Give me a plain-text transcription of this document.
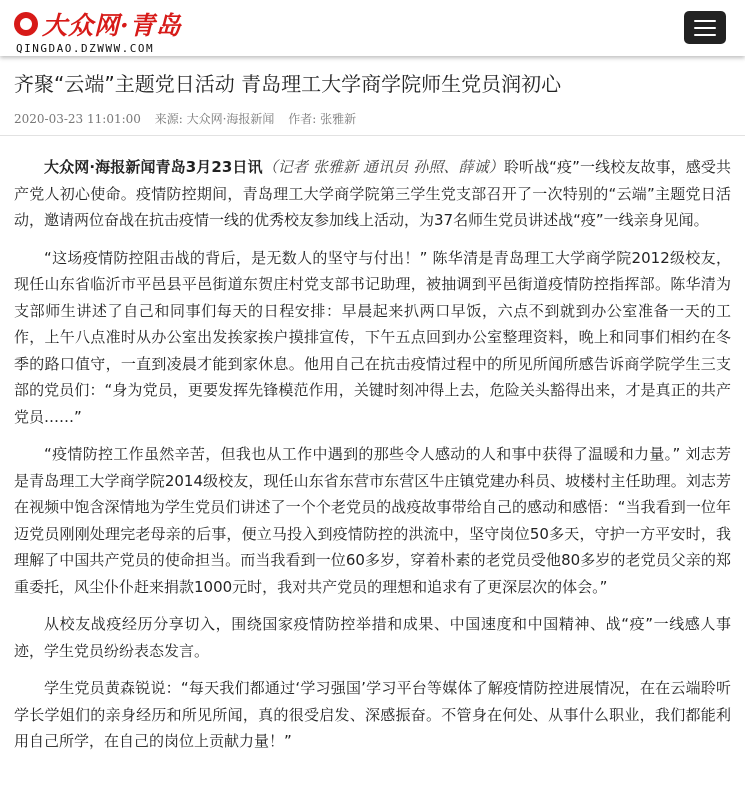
大众网·青岛
QINGDAO.DZWWW.COM
齐聚“云端”主题党日活动 青岛理工大学商学院师生党员润初心
2020-03-23 11:01:00 来源: 大众网·海报新闻 作者: 张雅新

大众网·海报新闻青岛3月23日讯（记者 张雅新 通讯员 孙照、薛诚）聆听战“疫”一线校友故事，感受共产党人初心使命。疫情防控期间，青岛理工大学商学院第三学生党支部召开了一次特别的“云端”主题党日活动，邀请两位奋战在抗击疫情一线的优秀校友参加线上活动，为37名师生党员讲述战“疫”一线亲身见闻。

“这场疫情防控阻击战的背后，是无数人的坚守与付出！” 陈华清是青岛理工大学商学院2012级校友，现任山东省临沂市平邑县平邑街道东贺庄村党支部书记助理，被抽调到平邑街道疫情防控指挥部。陈华清为支部师生讲述了自己和同事们每天的日程安排：早晨起来扒两口早饭，六点不到就到办公室准备一天的工作，上午八点准时从办公室出发挨家挨户摸排宣传，下午五点回到办公室整理资料，晚上和同事们相约在冬季的路口值守，一直到凌晨才能到家休息。他用自己在抗击疫情过程中的所见所闻所感告诉商学院学生三支部的党员们：“身为党员，更要发挥先锋模范作用，关键时刻冲得上去，危险关头豁得出来，才是真正的共产党员……”

“疫情防控工作虽然辛苦，但我也从工作中遇到的那些令人感动的人和事中获得了温暖和力量。” 刘志芳是青岛理工大学商学院2014级校友，现任山东省东营市东营区牛庄镇党建办科员、坡楼村主任助理。刘志芳在视频中饱含深情地为学生党员们讲述了一个个老党员的战疫故事带给自己的感动和感悟：“当我看到一位年迈党员刚刚处理完老母亲的后事，便立马投入到疫情防控的洪流中，坚守岗位50多天，守护一方平安时，我理解了中国共产党员的使命担当。而当我看到一位60多岁，穿着朴素的老党员受他80多岁的老党员父亲的郑重委托，风尘仆仆赶来捐款1000元时，我对共产党员的理想和追求有了更深层次的体会。”

从校友战疫经历分享切入，围绕国家疫情防控举措和成果、中国速度和中国精神、战“疫”一线感人事迹，学生党员纷纷表态发言。

学生党员黄森锐说：“每天我们都通过‘学习强国’学习平台等媒体了解疫情防控进展情况，在在云端聆听学长学姐们的亲身经历和所见所闻，真的很受启发、深感振奋。不管身在何处、从事什么职业，我们都能利用自己所学，在自己的岗位上贡献力量！”
